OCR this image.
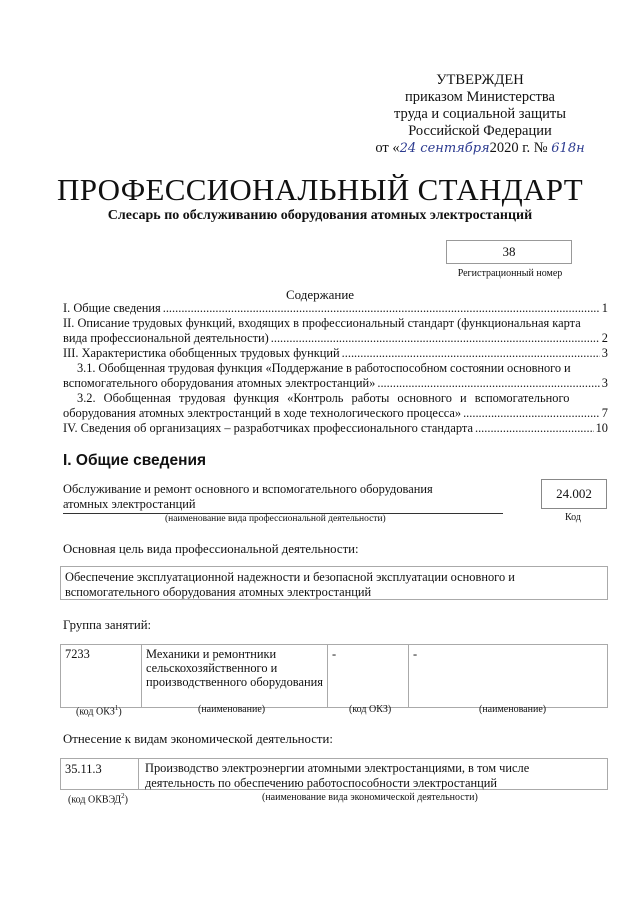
УТВЕРЖДЕН
приказом Министерства
труда и социальной защиты
Российской Федерации
от «24 сентября2020 г. № 618н
ПРОФЕССИОНАЛЬНЫЙ СТАНДАРТ
Слесарь по обслуживанию оборудования атомных электростанций
38
Регистрационный номер
Содержание
I. Общие сведения .....	1
II. Описание трудовых функций, входящих в профессиональный стандарт (функциональная карта
вида профессиональной деятельности) .....	2
III. Характеристика обобщенных трудовых функций .....	3
3.1. Обобщенная трудовая функция «Поддержание в работоспособном состоянии основного и
вспомогательного оборудования атомных электростанций» .....	3
3.2. Обобщенная трудовая функция «Контроль работы основного и вспомогательного
оборудования атомных электростанций в ходе технологического процесса» .....	7
IV. Сведения об организациях – разработчиках профессионального стандарта .....	10
I. Общие сведения
Обслуживание и ремонт основного и вспомогательного оборудования
атомных электростанций
(наименование вида профессиональной деятельности)
24.002
Код
Основная цель вида профессиональной деятельности:
Обеспечение эксплуатационной надежности и безопасной эксплуатации основного и
вспомогательного оборудования атомных электростанций
Группа занятий:
7233	Механики и ремонтники сельскохозяйственного и производственного оборудования	-	-
(код ОКЗ$^1$)	(наименование)	(код ОКЗ)	(наименование)
Отнесение к видам экономической деятельности:
35.11.3	Производство электроэнергии атомными электростанциями, в том числе
деятельность по обеспечению работоспособности электростанций
(код ОКВЭД$^2$)	(наименование вида экономической деятельности)
